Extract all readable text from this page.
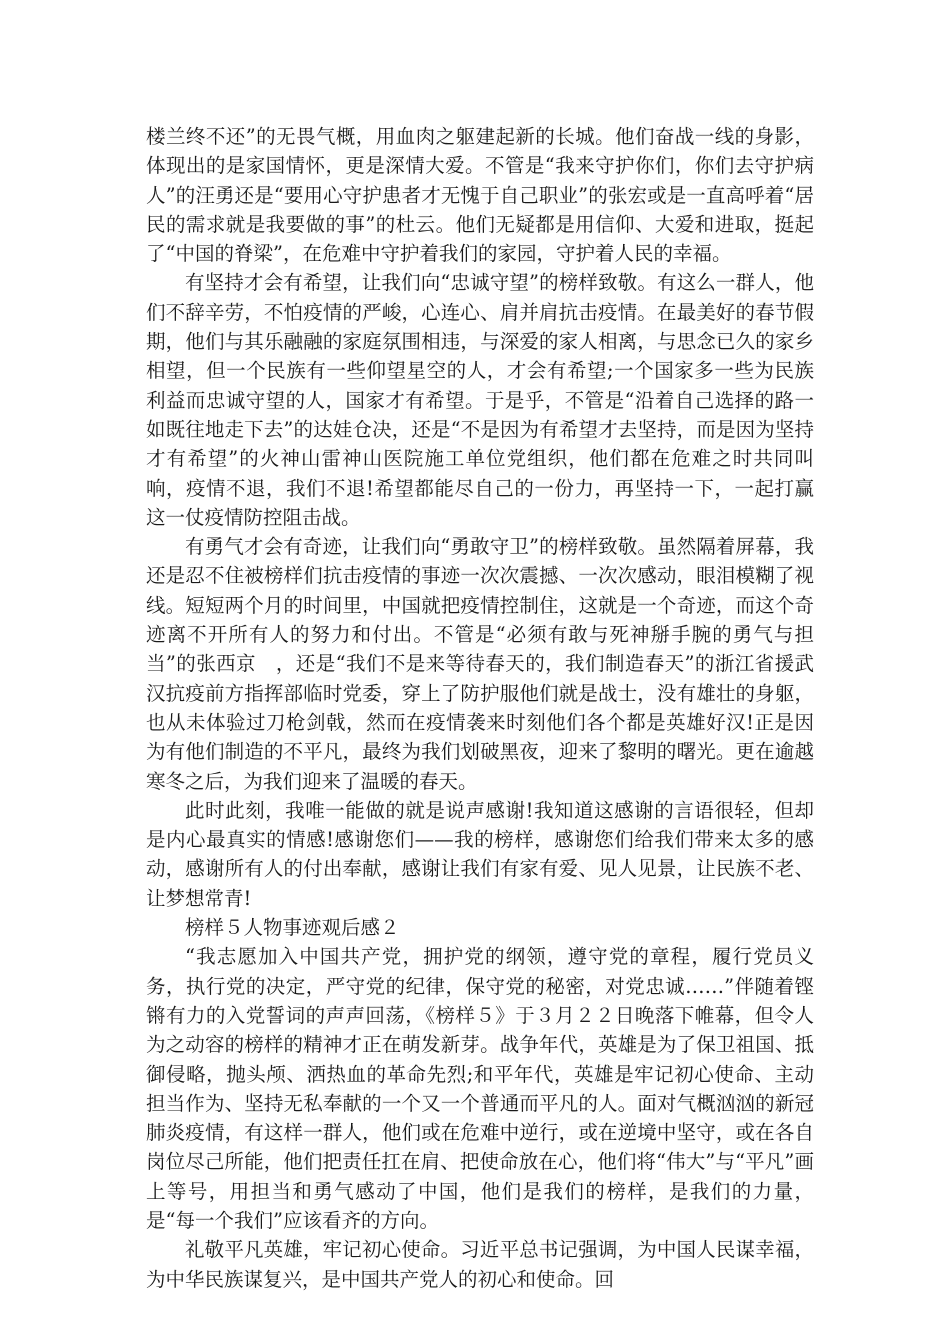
楼兰终不还”的无畏气概，用血肉之躯建起新的长城。他们奋战一线的身影，体现出的是家国情怀，更是深情大爱。不管是“我来守护你们，你们去守护病人”的汪勇还是“要用心守护患者才无愧于自己职业”的张宏或是一直高呼着“居民的需求就是我要做的事”的杜云。他们无疑都是用信仰、大爱和进取，挺起了“中国的脊梁”，在危难中守护着我们的家园，守护着人民的幸福。

有坚持才会有希望，让我们向“忠诚守望”的榜样致敬。有这么一群人，他们不辞辛劳，不怕疫情的严峻，心连心、肩并肩抗击疫情。在最美好的春节假期，他们与其乐融融的家庭氛围相违，与深爱的家人相离，与思念已久的家乡相望，但一个民族有一些仰望星空的人，才会有希望;一个国家多一些为民族利益而忠诚守望的人，国家才有希望。于是乎，不管是“沿着自己选择的路一如既往地走下去”的达娃仓决，还是“不是因为有希望才去坚持，而是因为坚持才有希望”的火神山雷神山医院施工单位党组织，他们都在危难之时共同叫响，疫情不退，我们不退!希望都能尽自己的一份力，再坚持一下，一起打赢这一仗疫情防控阻击战。

有勇气才会有奇迹，让我们向“勇敢守卫”的榜样致敬。虽然隔着屏幕，我还是忍不住被榜样们抗击疫情的事迹一次次震撼、一次次感动，眼泪模糊了视线。短短两个月的时间里，中国就把疫情控制住，这就是一个奇迹，而这个奇迹离不开所有人的努力和付出。不管是“必须有敢与死神掰手腕的勇气与担当”的张西京　，还是“我们不是来等待春天的，我们制造春天”的浙江省援武汉抗疫前方指挥部临时党委，穿上了防护服他们就是战士，没有雄壮的身躯，也从未体验过刀枪剑戟，然而在疫情袭来时刻他们各个都是英雄好汉!正是因为有他们制造的不平凡，最终为我们划破黑夜，迎来了黎明的曙光。更在逾越寒冬之后，为我们迎来了温暖的春天。

此时此刻，我唯一能做的就是说声感谢!我知道这感谢的言语很轻，但却是内心最真实的情感!感谢您们——我的榜样，感谢您们给我们带来太多的感动，感谢所有人的付出奉献，感谢让我们有家有爱、见人见景，让民族不老、让梦想常青!

榜样５人物事迹观后感２

“我志愿加入中国共产党，拥护党的纲领，遵守党的章程，履行党员义务，执行党的决定，严守党的纪律，保守党的秘密，对党忠诚……”伴随着铿锵有力的入党誓词的声声回荡，《榜样５》于３月２２日晚落下帷幕，但令人为之动容的榜样的精神才正在萌发新芽。战争年代，英雄是为了保卫祖国、抵御侵略，抛头颅、洒热血的革命先烈;和平年代，英雄是牢记初心使命、主动担当作为、坚持无私奉献的一个又一个普通而平凡的人。面对气概汹汹的新冠肺炎疫情，有这样一群人，他们或在危难中逆行，或在逆境中坚守，或在各自岗位尽己所能，他们把责任扛在肩、把使命放在心，他们将“伟大”与“平凡”画上等号，用担当和勇气感动了中国，他们是我们的榜样，是我们的力量，是“每一个我们”应该看齐的方向。

礼敬平凡英雄，牢记初心使命。习近平总书记强调，为中国人民谋幸福，为中华民族谋复兴，是中国共产党人的初心和使命。回
